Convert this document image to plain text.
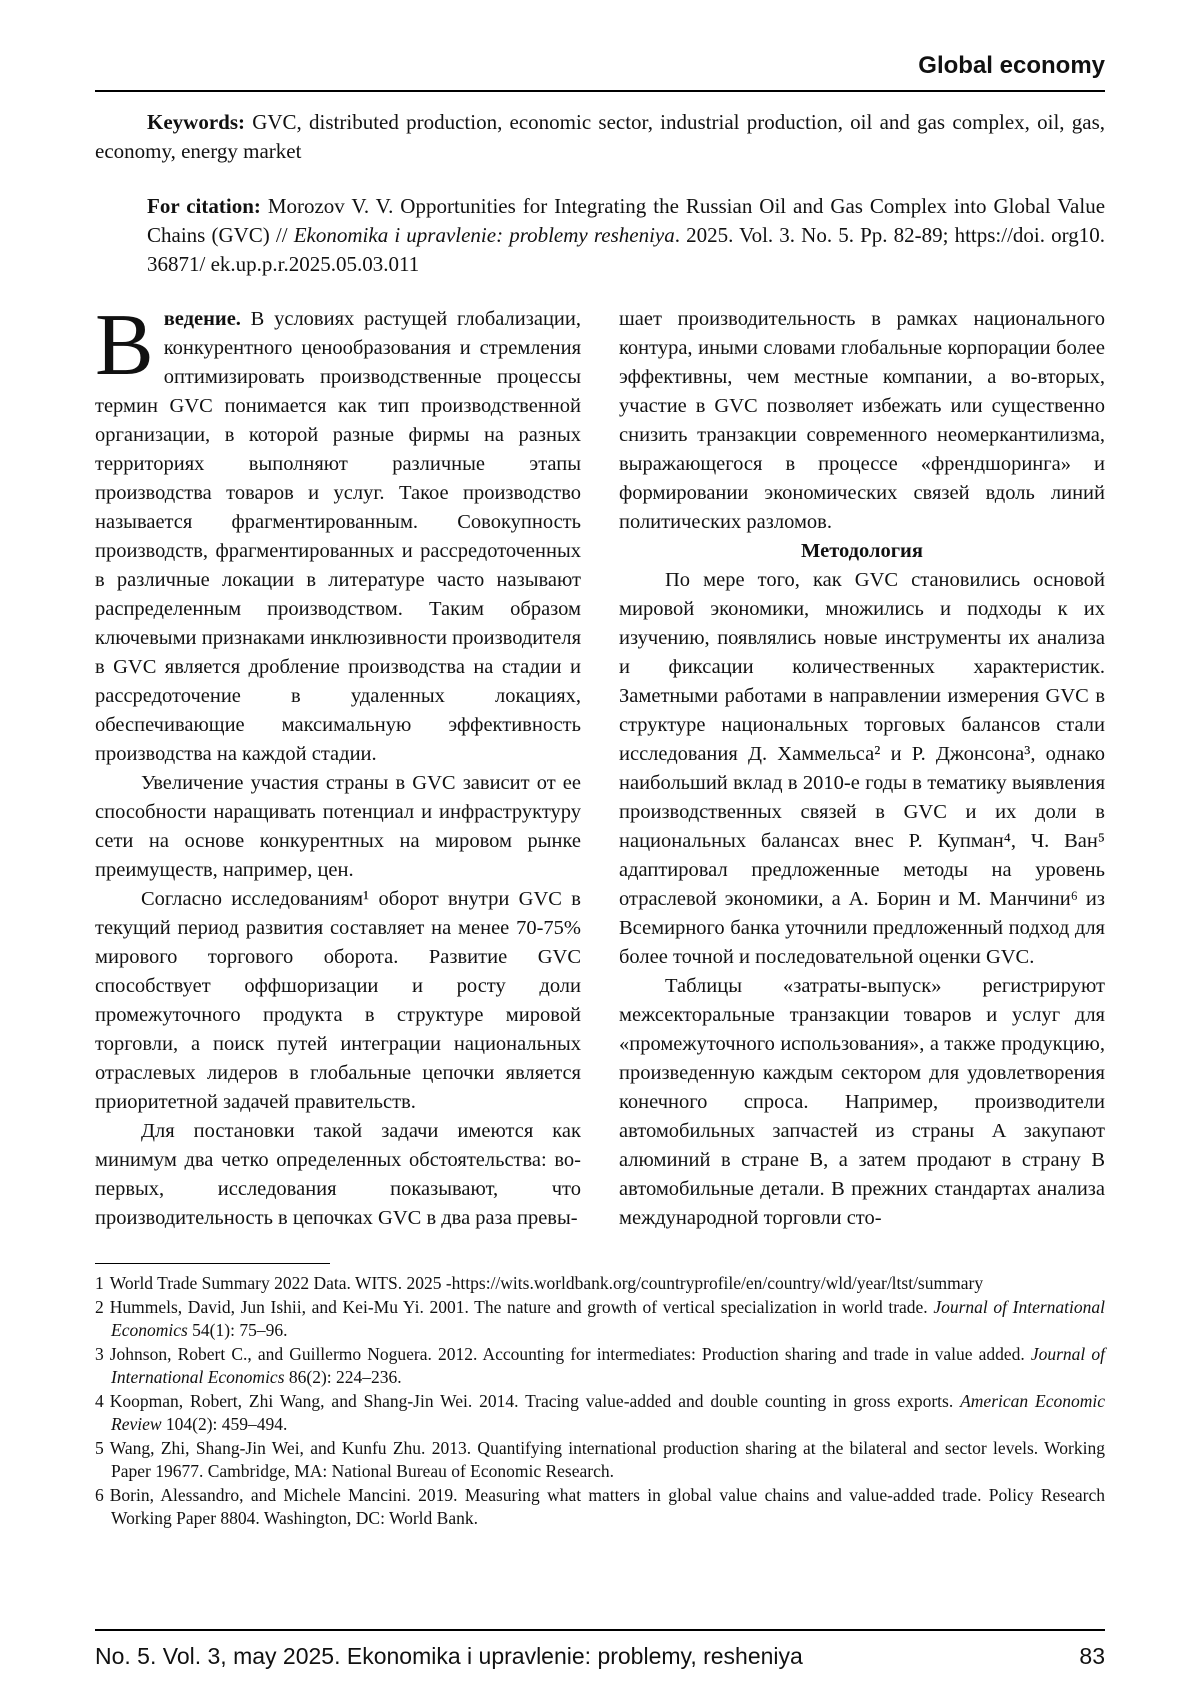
Global economy

Keywords: GVC, distributed production, economic sector, industrial production, oil and gas complex, oil, gas, economy, energy market

For citation: Morozov V. V. Opportunities for Integrating the Russian Oil and Gas Complex into Global Value Chains (GVC) // Ekonomika i upravlenie: problemy resheniya. 2025. Vol. 3. No. 5. Pp. 82-89; https://doi. org10. 36871/ ek.up.p.r.2025.05.03.011

Введение. В условиях растущей глобализации, конкурентного ценообразования и стремления оптимизировать производственные процессы термин GVC понимается как тип производственной организации, в которой разные фирмы на разных территориях выполняют различные этапы производства товаров и услуг. Такое производство называется фрагментированным. Совокупность производств, фрагментированных и рассредоточенных в различные локации в литературе часто называют распределенным производством. Таким образом ключевыми признаками инклюзивности производителя в GVC является дробление производства на стадии и рассредоточение в удаленных локациях, обеспечивающие максимальную эффективность производства на каждой стадии.

Увеличение участия страны в GVC зависит от ее способности наращивать потенциал и инфраструктуру сети на основе конкурентных на мировом рынке преимуществ, например, цен.

Согласно исследованиям¹ оборот внутри GVC в текущий период развития составляет на менее 70-75% мирового торгового оборота. Развитие GVC способствует оффшоризации и росту доли промежуточного продукта в структуре мировой торговли, а поиск путей интеграции национальных отраслевых лидеров в глобальные цепочки является приоритетной задачей правительств.

Для постановки такой задачи имеются как минимум два четко определенных обстоятельства: во-первых, исследования показывают, что производительность в цепочках GVC в два раза превы-

шает производительность в рамках национального контура, иными словами глобальные корпорации более эффективны, чем местные компании, а во-вторых, участие в GVC позволяет избежать или существенно снизить транзакции современного неомеркантилизма, выражающегося в процессе «френдшоринга» и формировании экономических связей вдоль линий политических разломов.

Методология

По мере того, как GVC становились основой мировой экономики, множились и подходы к их изучению, появлялись новые инструменты их анализа и фиксации количественных характеристик. Заметными работами в направлении измерения GVC в структуре национальных торговых балансов стали исследования Д. Хаммельса² и Р. Джонсона³, однако наибольший вклад в 2010-е годы в тематику выявления производственных связей в GVC и их доли в национальных балансах внес Р. Купман⁴, Ч. Ван⁵ адаптировал предложенные методы на уровень отраслевой экономики, а А. Борин и М. Манчини⁶ из Всемирного банка уточнили предложенный подход для более точной и последовательной оценки GVC.

Таблицы «затраты-выпуск» регистрируют межсекторальные транзакции товаров и услуг для «промежуточного использования», а также продукцию, произведенную каждым сектором для удовлетворения конечного спроса. Например, производители автомобильных запчастей из страны А закупают алюминий в стране В, а затем продают в страну В автомобильные детали. В прежних стандартах анализа международной торговли сто-

1 World Trade Summary 2022 Data. WITS. 2025 -https://wits.worldbank.org/countryprofile/en/country/wld/year/ltst/summary
2 Hummels, David, Jun Ishii, and Kei-Mu Yi. 2001. The nature and growth of vertical specialization in world trade. Journal of International Economics 54(1): 75–96.
3 Johnson, Robert C., and Guillermo Noguera. 2012. Accounting for intermediates: Production sharing and trade in value added. Journal of International Economics 86(2): 224–236.
4 Koopman, Robert, Zhi Wang, and Shang-Jin Wei. 2014. Tracing value-added and double counting in gross exports. American Economic Review 104(2): 459–494.
5 Wang, Zhi, Shang-Jin Wei, and Kunfu Zhu. 2013. Quantifying international production sharing at the bilateral and sector levels. Working Paper 19677. Cambridge, MA: National Bureau of Economic Research.
6 Borin, Alessandro, and Michele Mancini. 2019. Measuring what matters in global value chains and value-added trade. Policy Research Working Paper 8804. Washington, DC: World Bank.
No. 5. Vol. 3, may 2025. Ekonomika i upravlenie: problemy, resheniya	83
